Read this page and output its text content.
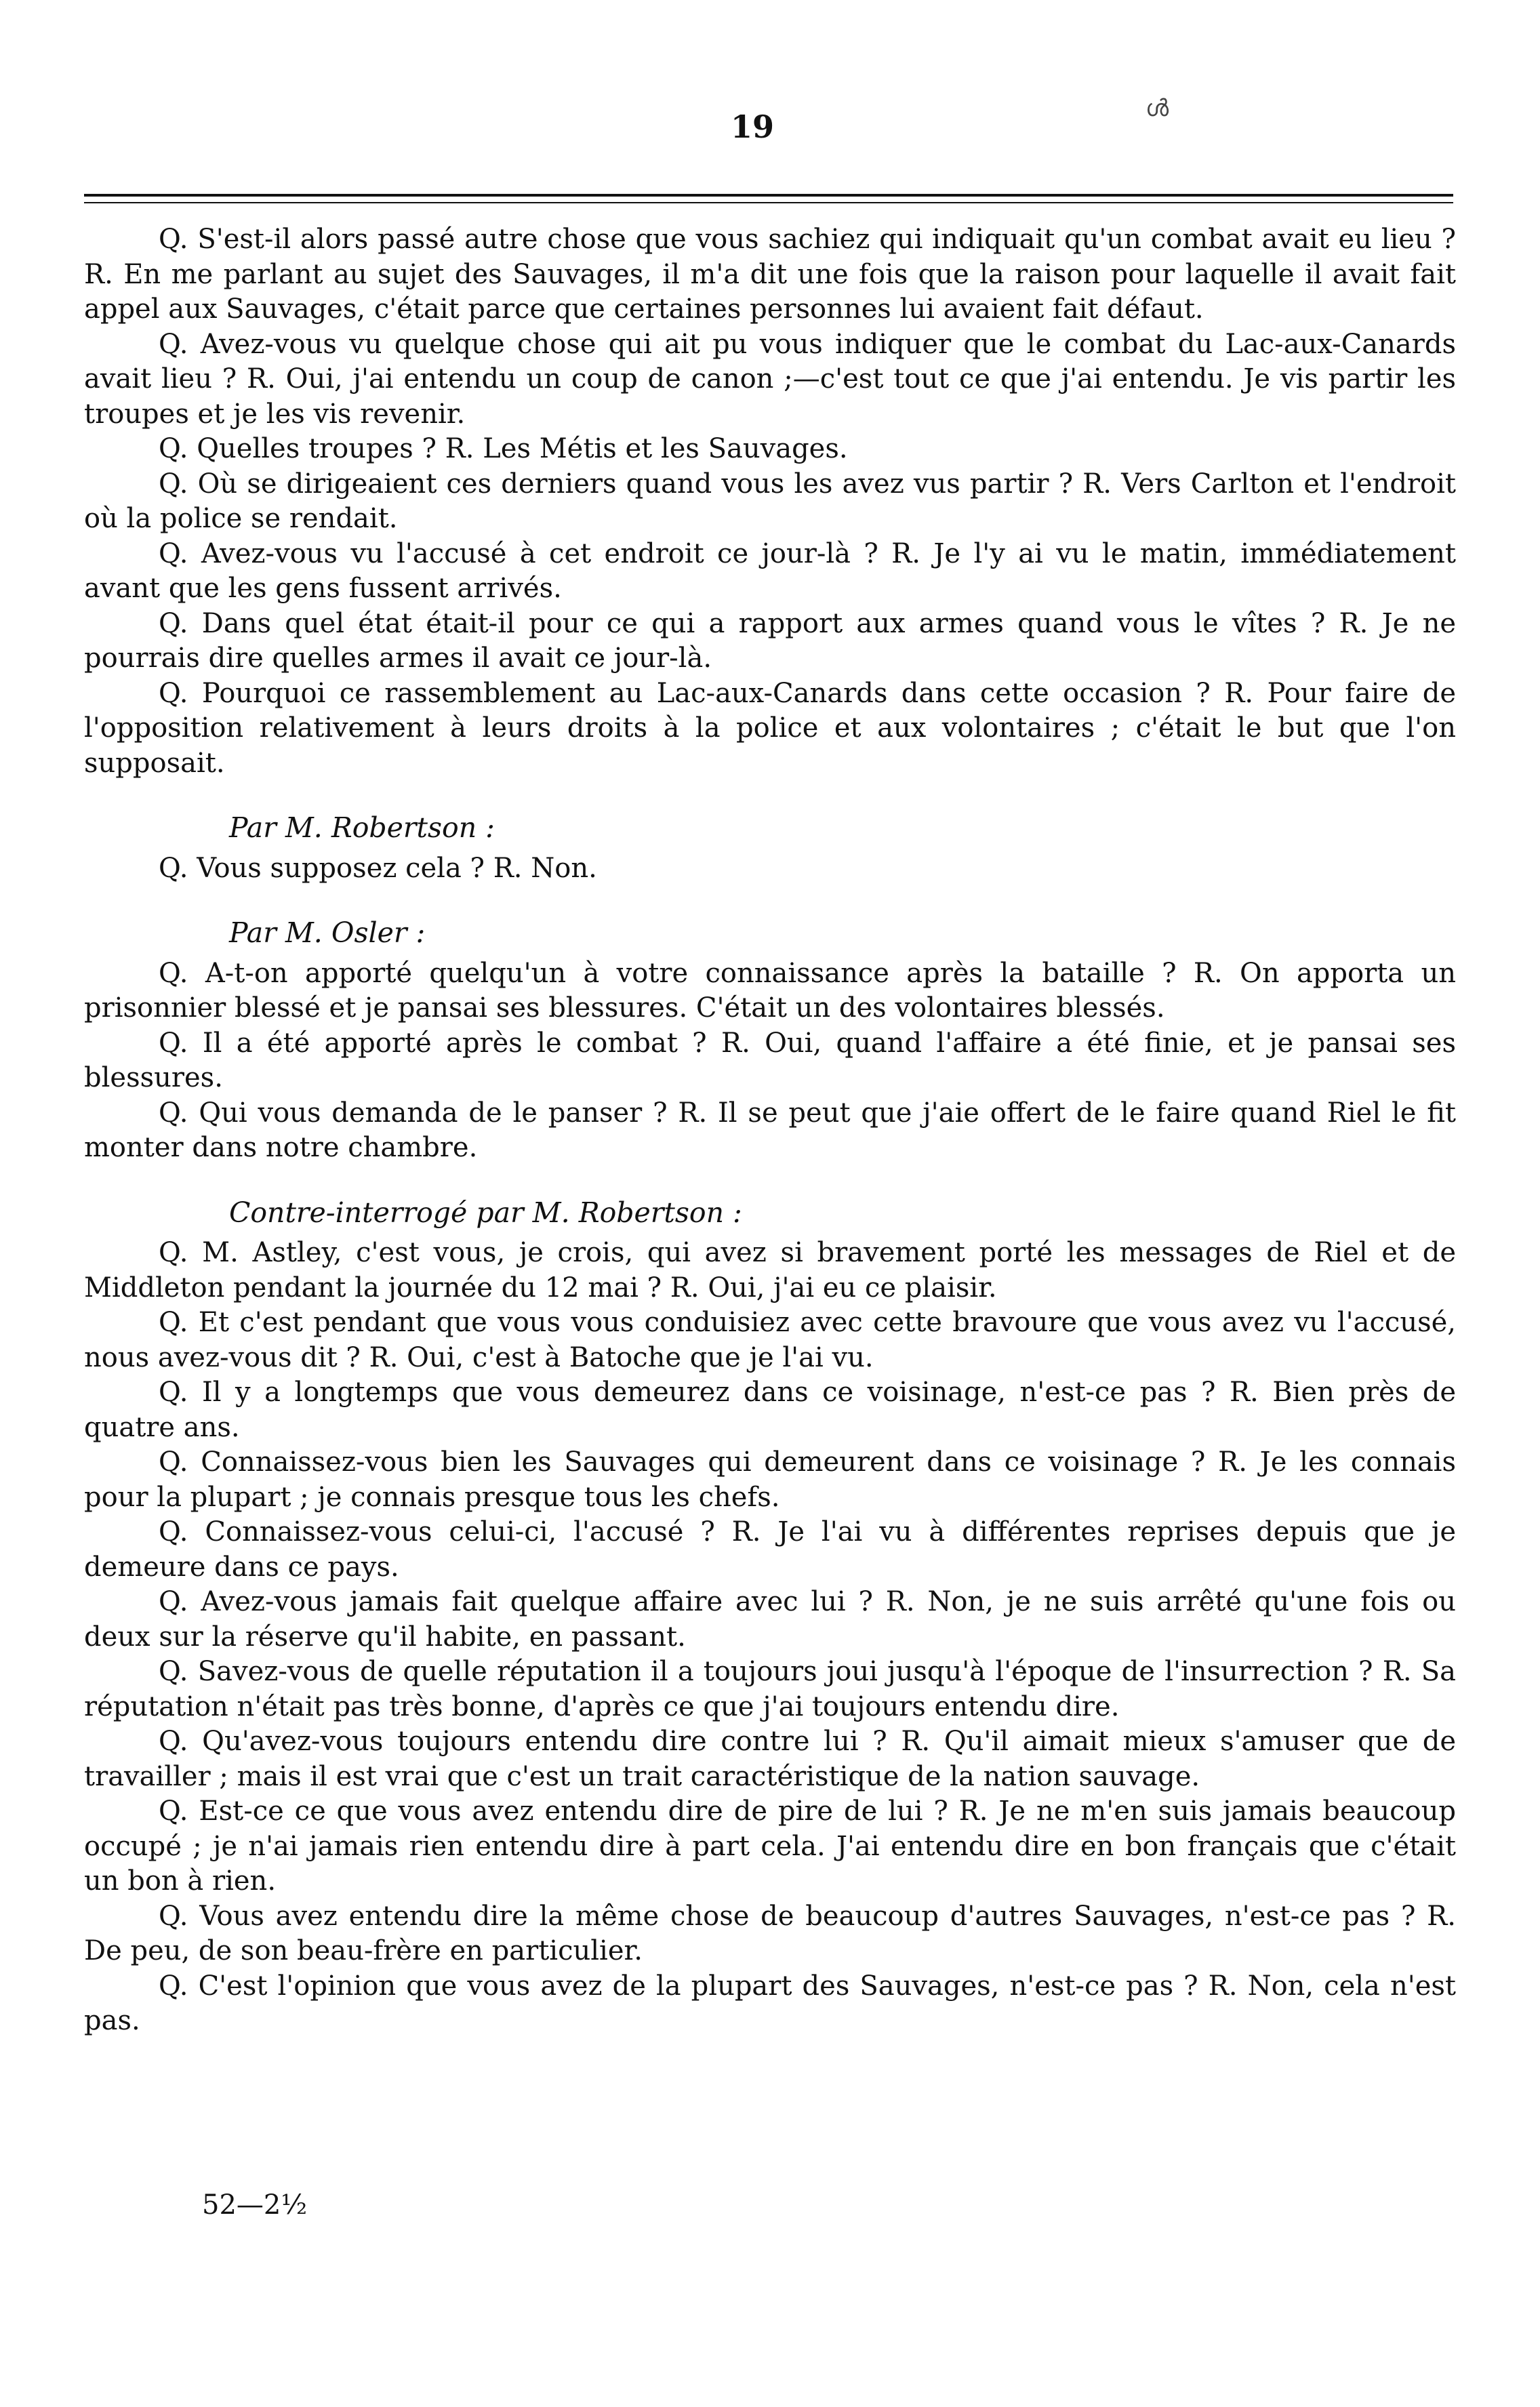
19	ൾ

Q. S'est-il alors passé autre chose que vous sachiez qui indiquait qu'un combat avait eu lieu ? R. En me parlant au sujet des Sauvages, il m'a dit une fois que la raison pour laquelle il avait fait appel aux Sauvages, c'était parce que certaines personnes lui avaient fait défaut.

Q. Avez-vous vu quelque chose qui ait pu vous indiquer que le combat du Lac-aux-Canards avait lieu ? R. Oui, j'ai entendu un coup de canon ;—c'est tout ce que j'ai entendu. Je vis partir les troupes et je les vis revenir.

Q. Quelles troupes ? R. Les Métis et les Sauvages.

Q. Où se dirigeaient ces derniers quand vous les avez vus partir ? R. Vers Carlton et l'endroit où la police se rendait.

Q. Avez-vous vu l'accusé à cet endroit ce jour-là ? R. Je l'y ai vu le matin, immédiatement avant que les gens fussent arrivés.

Q. Dans quel état était-il pour ce qui a rapport aux armes quand vous le vîtes ? R. Je ne pourrais dire quelles armes il avait ce jour-là.

Q. Pourquoi ce rassemblement au Lac-aux-Canards dans cette occasion ? R. Pour faire de l'opposition relativement à leurs droits à la police et aux volontaires ; c'était le but que l'on supposait.

Par M. Robertson :

Q. Vous supposez cela ? R. Non.

Par M. Osler :

Q. A-t-on apporté quelqu'un à votre connaissance après la bataille ? R. On apporta un prisonnier blessé et je pansai ses blessures. C'était un des volontaires blessés.

Q. Il a été apporté après le combat ? R. Oui, quand l'affaire a été finie, et je pansai ses blessures.

Q. Qui vous demanda de le panser ? R. Il se peut que j'aie offert de le faire quand Riel le fit monter dans notre chambre.

Contre-interrogé par M. Robertson :

Q. M. Astley, c'est vous, je crois, qui avez si bravement porté les messages de Riel et de Middleton pendant la journée du 12 mai ? R. Oui, j'ai eu ce plaisir.

Q. Et c'est pendant que vous vous conduisiez avec cette bravoure que vous avez vu l'accusé, nous avez-vous dit ? R. Oui, c'est à Batoche que je l'ai vu.

Q. Il y a longtemps que vous demeurez dans ce voisinage, n'est-ce pas ? R. Bien près de quatre ans.

Q. Connaissez-vous bien les Sauvages qui demeurent dans ce voisinage ? R. Je les connais pour la plupart ; je connais presque tous les chefs.

Q. Connaissez-vous celui-ci, l'accusé ? R. Je l'ai vu à différentes reprises depuis que je demeure dans ce pays.

Q. Avez-vous jamais fait quelque affaire avec lui ? R. Non, je ne suis arrêté qu'une fois ou deux sur la réserve qu'il habite, en passant.

Q. Savez-vous de quelle réputation il a toujours joui jusqu'à l'époque de l'insurrection ? R. Sa réputation n'était pas très bonne, d'après ce que j'ai toujours entendu dire.

Q. Qu'avez-vous toujours entendu dire contre lui ? R. Qu'il aimait mieux s'amuser que de travailler ; mais il est vrai que c'est un trait caractéristique de la nation sauvage.

Q. Est-ce ce que vous avez entendu dire de pire de lui ? R. Je ne m'en suis jamais beaucoup occupé ; je n'ai jamais rien entendu dire à part cela. J'ai entendu dire en bon français que c'était un bon à rien.

Q. Vous avez entendu dire la même chose de beaucoup d'autres Sauvages, n'est-ce pas ? R. De peu, de son beau-frère en particulier.

Q. C'est l'opinion que vous avez de la plupart des Sauvages, n'est-ce pas ? R. Non, cela n'est pas.

52—2½
